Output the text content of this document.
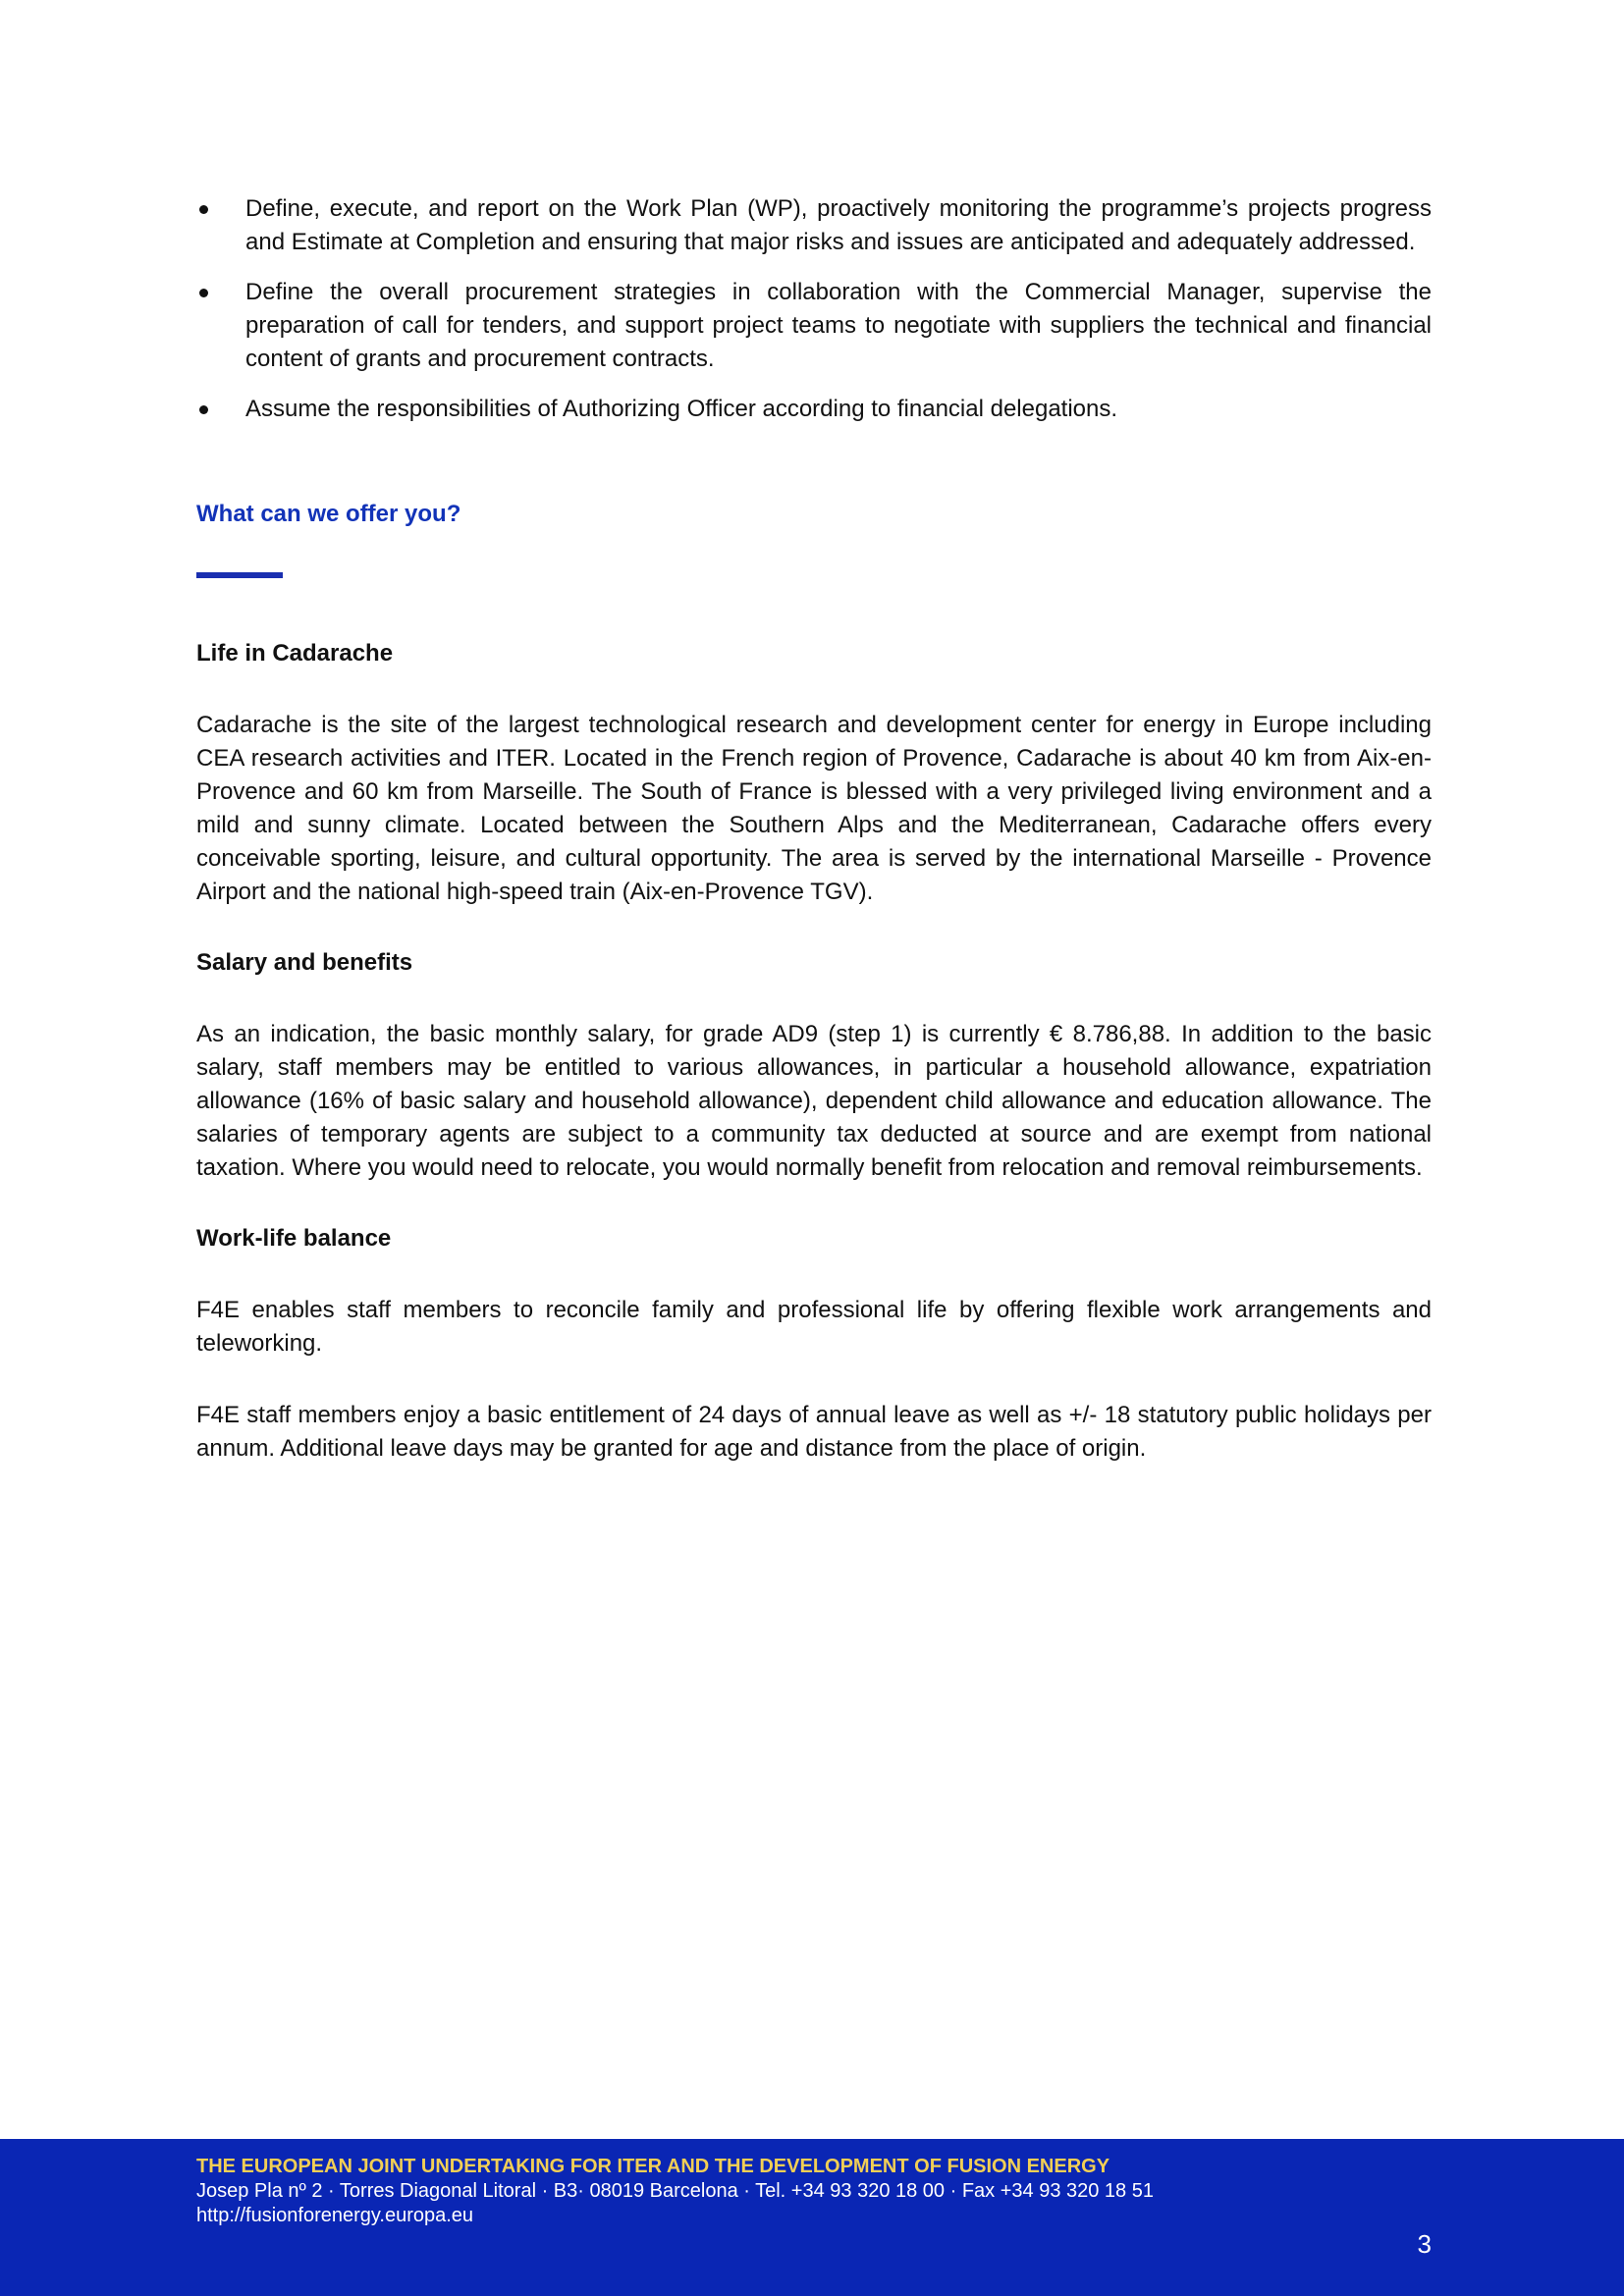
Define, execute, and report on the Work Plan (WP), proactively monitoring the programme’s projects progress and Estimate at Completion and ensuring that major risks and issues are anticipated and adequately addressed.
Define the overall procurement strategies in collaboration with the Commercial Manager, supervise the preparation of call for tenders, and support project teams to negotiate with suppliers the technical and financial content of grants and procurement contracts.
Assume the responsibilities of Authorizing Officer according to financial delegations.
What can we offer you?
Life in Cadarache

Cadarache is the site of the largest technological research and development center for energy in Europe including CEA research activities and ITER. Located in the French region of Provence, Cadarache is about 40 km from Aix-en-Provence and 60 km from Marseille. The South of France is blessed with a very privileged living environment and a mild and sunny climate. Located between the Southern Alps and the Mediterranean, Cadarache offers every conceivable sporting, leisure, and cultural opportunity. The area is served by the international Marseille - Provence Airport and the national high-speed train (Aix-en-Provence TGV).

Salary and benefits

As an indication, the basic monthly salary, for grade AD9 (step 1) is currently € 8.786,88. In addition to the basic salary, staff members may be entitled to various allowances, in particular a household allowance, expatriation allowance (16% of basic salary and household allowance), dependent child allowance and education allowance. The salaries of temporary agents are subject to a community tax deducted at source and are exempt from national taxation. Where you would need to relocate, you would normally benefit from relocation and removal reimbursements.

Work-life balance

F4E enables staff members to reconcile family and professional life by offering flexible work arrangements and teleworking.

F4E staff members enjoy a basic entitlement of 24 days of annual leave as well as +/- 18 statutory public holidays per annum. Additional leave days may be granted for age and distance from the place of origin.

THE EUROPEAN JOINT UNDERTAKING FOR ITER AND THE DEVELOPMENT OF FUSION ENERGY
Josep Pla nº 2 · Torres Diagonal Litoral · B3· 08019 Barcelona · Tel. +34 93 320 18 00 · Fax +34 93 320 18 51
http://fusionforenergy.europa.eu
3
